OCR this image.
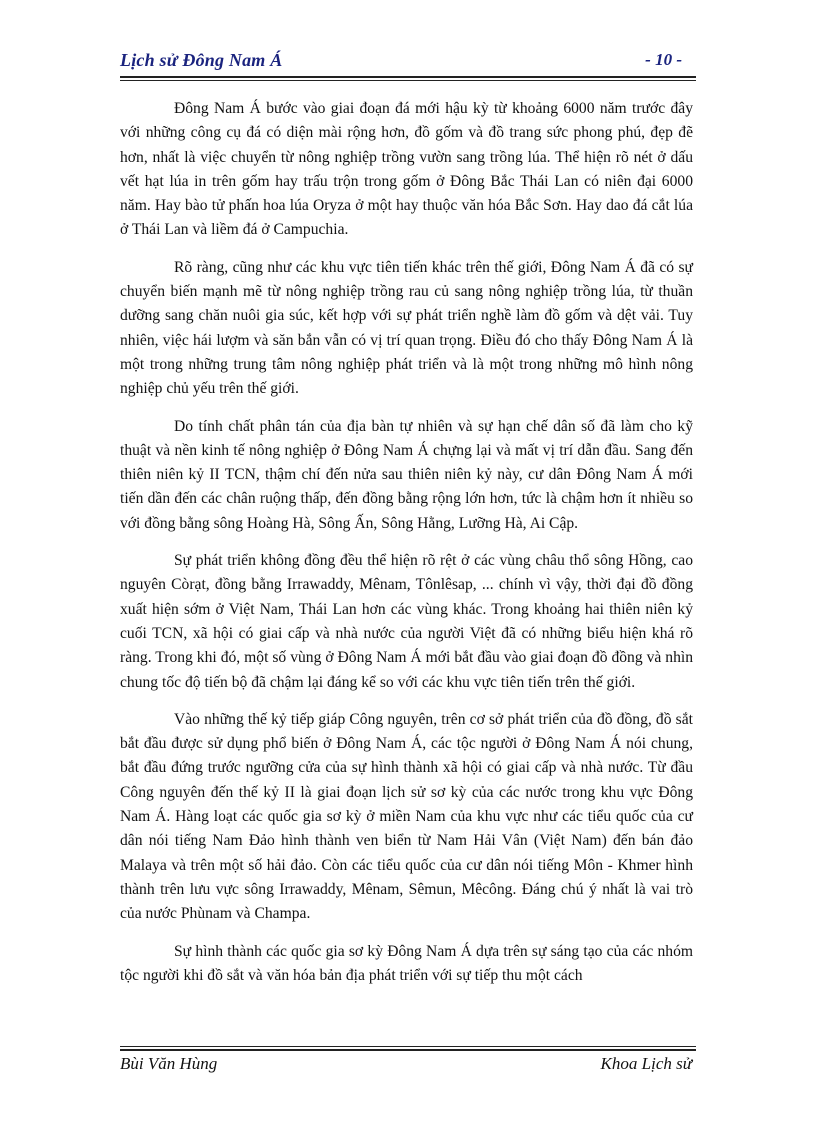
Lịch sử Đông Nam Á	- 10 -

Đông Nam Á bước vào giai đoạn đá mới hậu kỳ từ khoảng 6000 năm trước đây với những công cụ đá có diện mài rộng hơn, đồ gốm và đồ trang sức phong phú, đẹp đẽ hơn, nhất là việc chuyển từ nông nghiệp trồng vườn sang trồng lúa. Thể hiện rõ nét ở dấu vết hạt lúa in trên gốm hay trấu trộn trong gốm ở Đông Bắc Thái Lan có niên đại 6000 năm. Hay bào tử phấn hoa lúa Oryza ở một hay thuộc văn hóa Bắc Sơn. Hay dao đá cắt lúa ở Thái Lan và liềm đá ở Campuchia.

Rõ ràng, cũng như các khu vực tiên tiến khác trên thế giới, Đông Nam Á đã có sự chuyển biến mạnh mẽ từ nông nghiệp trồng rau củ sang nông nghiệp trồng lúa, từ thuần dưỡng sang chăn nuôi gia súc, kết hợp với sự phát triển nghề làm đồ gốm và dệt vải. Tuy nhiên, việc hái lượm và săn bắn vẫn có vị trí quan trọng. Điều đó cho thấy Đông Nam Á là một trong những trung tâm nông nghiệp phát triển và là một trong những mô hình nông nghiệp chủ yếu trên thế giới.

Do tính chất phân tán của địa bàn tự nhiên và sự hạn chế dân số đã làm cho kỹ thuật và nền kinh tế nông nghiệp ở Đông Nam Á chựng lại và mất vị trí dẫn đầu. Sang đến thiên niên kỷ II TCN, thậm chí đến nửa sau thiên niên kỷ này, cư dân Đông Nam Á mới tiến dần đến các chân ruộng thấp, đến đồng bằng rộng lớn hơn, tức là chậm hơn ít nhiều so với đồng bằng sông Hoàng Hà, Sông Ấn, Sông Hằng, Lưỡng Hà, Ai Cập.

Sự phát triển không đồng đều thể hiện rõ rệt ở các vùng châu thổ sông Hồng, cao nguyên Còrạt, đồng bằng Irrawaddy, Mênam, Tônlêsap, ... chính vì vậy, thời đại đồ đồng xuất hiện sớm ở Việt Nam, Thái Lan hơn các vùng khác. Trong khoảng hai thiên niên kỷ cuối TCN, xã hội có giai cấp và nhà nước của người Việt đã có những biểu hiện khá rõ ràng. Trong khi đó, một số vùng ở Đông Nam Á mới bắt đầu vào giai đoạn đồ đồng và nhìn chung tốc độ tiến bộ đã chậm lại đáng kể so với các khu vực tiên tiến trên thế giới.

Vào những thế kỷ tiếp giáp Công nguyên, trên cơ sở phát triển của đồ đồng, đồ sắt bắt đầu được sử dụng phổ biến ở Đông Nam Á, các tộc người ở Đông Nam Á nói chung, bắt đầu đứng trước ngưỡng cửa của sự hình thành xã hội có giai cấp và nhà nước. Từ đầu Công nguyên đến thế kỷ II là giai đoạn lịch sử sơ kỳ của các nước trong khu vực Đông Nam Á. Hàng loạt các quốc gia sơ kỳ ở miền Nam của khu vực như các tiểu quốc của cư dân nói tiếng Nam Đảo hình thành ven biển từ Nam Hải Vân (Việt Nam) đến bán đảo Malaya và trên một số hải đảo. Còn các tiểu quốc của cư dân nói tiếng Môn - Khmer hình thành trên lưu vực sông Irrawaddy, Mênam, Sêmun, Mêcông. Đáng chú ý nhất là vai trò của nước Phùnam và Champa.

Sự hình thành các quốc gia sơ kỳ Đông Nam Á dựa trên sự sáng tạo của các nhóm tộc người khi đồ sắt và văn hóa bản địa phát triển với sự tiếp thu một cách

Bùi Văn Hùng	Khoa Lịch sử
